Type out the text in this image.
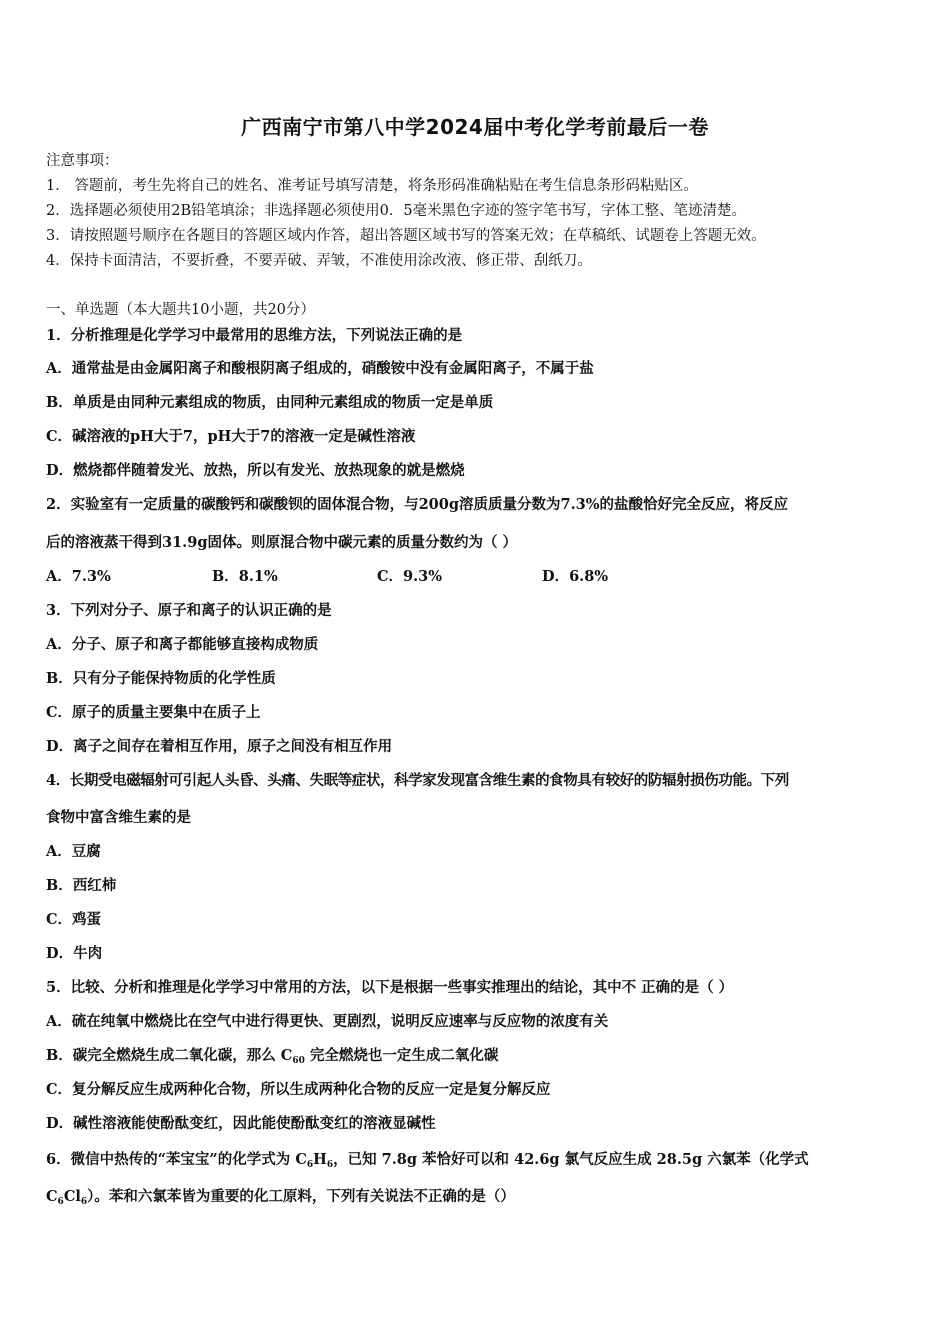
广西南宁市第八中学2024届中考化学考前最后一卷
注意事项：
1． 答题前，考生先将自己的姓名、准考证号填写清楚，将条形码准确粘贴在考生信息条形码粘贴区。
2．选择题必须使用2B铅笔填涂；非选择题必须使用0．5毫米黑色字迹的签字笔书写，字体工整、笔迹清楚。
3．请按照题号顺序在各题目的答题区域内作答，超出答题区域书写的答案无效；在草稿纸、试题卷上答题无效。
4．保持卡面清洁，不要折叠，不要弄破、弄皱，不准使用涂改液、修正带、刮纸刀。
一、单选题（本大题共10小题，共20分）
1．分析推理是化学学习中最常用的思维方法，下列说法正确的是
A．通常盐是由金属阳离子和酸根阴离子组成的，硝酸铵中没有金属阳离子，不属于盐
B．单质是由同种元素组成的物质，由同种元素组成的物质一定是单质
C．碱溶液的pH大于7，pH大于7的溶液一定是碱性溶液
D．燃烧都伴随着发光、放热，所以有发光、放热现象的就是燃烧
2．实验室有一定质量的碳酸钙和碳酸钡的固体混合物，与200g溶质质量分数为7.3%的盐酸恰好完全反应，将反应
后的溶液蒸干得到31.9g固体。则原混合物中碳元素的质量分数约为（ ）
A．7.3%	B．8.1%	C．9.3%	D．6.8%
3．下列对分子、原子和离子的认识正确的是
A．分子、原子和离子都能够直接构成物质
B．只有分子能保持物质的化学性质
C．原子的质量主要集中在质子上
D．离子之间存在着相互作用，原子之间没有相互作用
4．长期受电磁辐射可引起人头昏、头痛、失眠等症状，科学家发现富含维生素的食物具有较好的防辐射损伤功能。下列
食物中富含维生素的是
A．豆腐
B．西红柿
C．鸡蛋
D．牛肉
5．比较、分析和推理是化学学习中常用的方法，以下是根据一些事实推理出的结论，其中不 正确的是（ ）
A．硫在纯氧中燃烧比在空气中进行得更快、更剧烈，说明反应速率与反应物的浓度有关
B．碳完全燃烧生成二氧化碳，那么 $C_{60}$ 完全燃烧也一定生成二氧化碳
C．复分解反应生成两种化合物，所以生成两种化合物的反应一定是复分解反应
D．碱性溶液能使酚酞变红，因此能使酚酞变红的溶液显碱性
6．微信中热传的“苯宝宝”的化学式为 $C_6H_6$，已知 7.8g 苯恰好可以和 42.6g 氯气反应生成 28.5g 六氯苯（化学式
$C_6Cl_6$）。苯和六氯苯皆为重要的化工原料，下列有关说法不正确的是（）
